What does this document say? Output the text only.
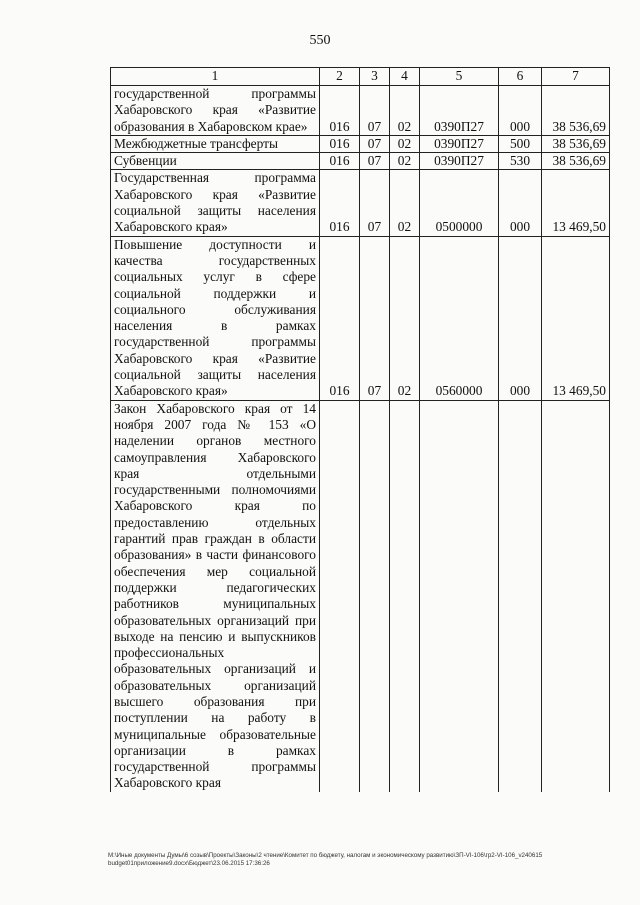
550
1	2	3	4	5	6	7
государственной программы Хабаровского края «Развитие образования в Хабаровском крае»	016	07	02	0390П27	000	38 536,69
Межбюджетные трансферты	016	07	02	0390П27	500	38 536,69
Субвенции	016	07	02	0390П27	530	38 536,69
Государственная программа Хабаровского края «Развитие социальной защиты населения Хабаровского края»	016	07	02	0500000	000	13 469,50
Повышение доступности и качества государственных социальных услуг в сфере социальной поддержки и социального обслуживания населения в рамках государственной программы Хабаровского края «Развитие социальной защиты населения Хабаровского края»	016	07	02	0560000	000	13 469,50
Закон Хабаровского края от 14 ноября 2007 года № 153 «О наделении органов местного самоуправления Хабаровского края отдельными государственными полномочиями Хабаровского края по предоставлению отдельных гарантий прав граждан в области образования» в части финансового обеспечения мер социальной поддержки педагогических работников муниципальных образовательных организаций при выходе на пенсию и выпускников профессиональных образовательных организаций и образовательных организаций высшего образования при поступлении на работу в муниципальные образовательные организации в рамках государственной программы Хабаровского края						
M:\Иные документы Думы\6 созыв\Проекты\Законы\2 чтение\Комитет по бюджету, налогам и экономическому развитию\ЗП-VI-106\гр2-VI-106_v240615 budget01приложение9.docx\Бюджет\23.06.2015 17:36:26
